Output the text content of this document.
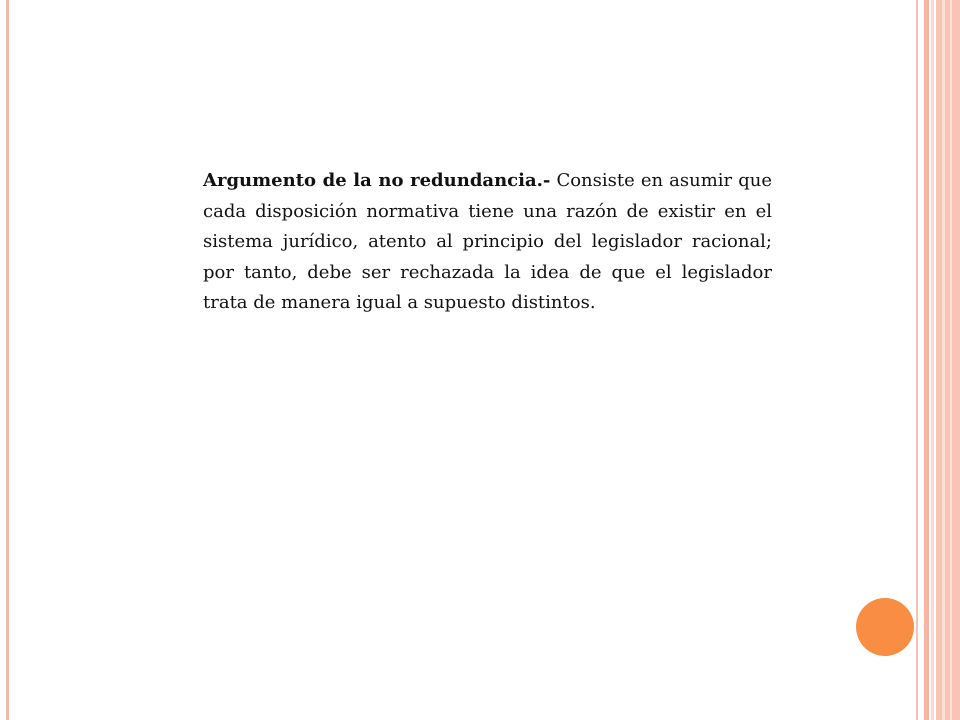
Argumento de la no redundancia.- Consiste en asumir que cada disposición normativa tiene una razón de existir en el sistema jurídico, atento al principio del legislador racional; por tanto, debe ser rechazada la idea de que el legislador trata de manera igual a supuesto distintos.
